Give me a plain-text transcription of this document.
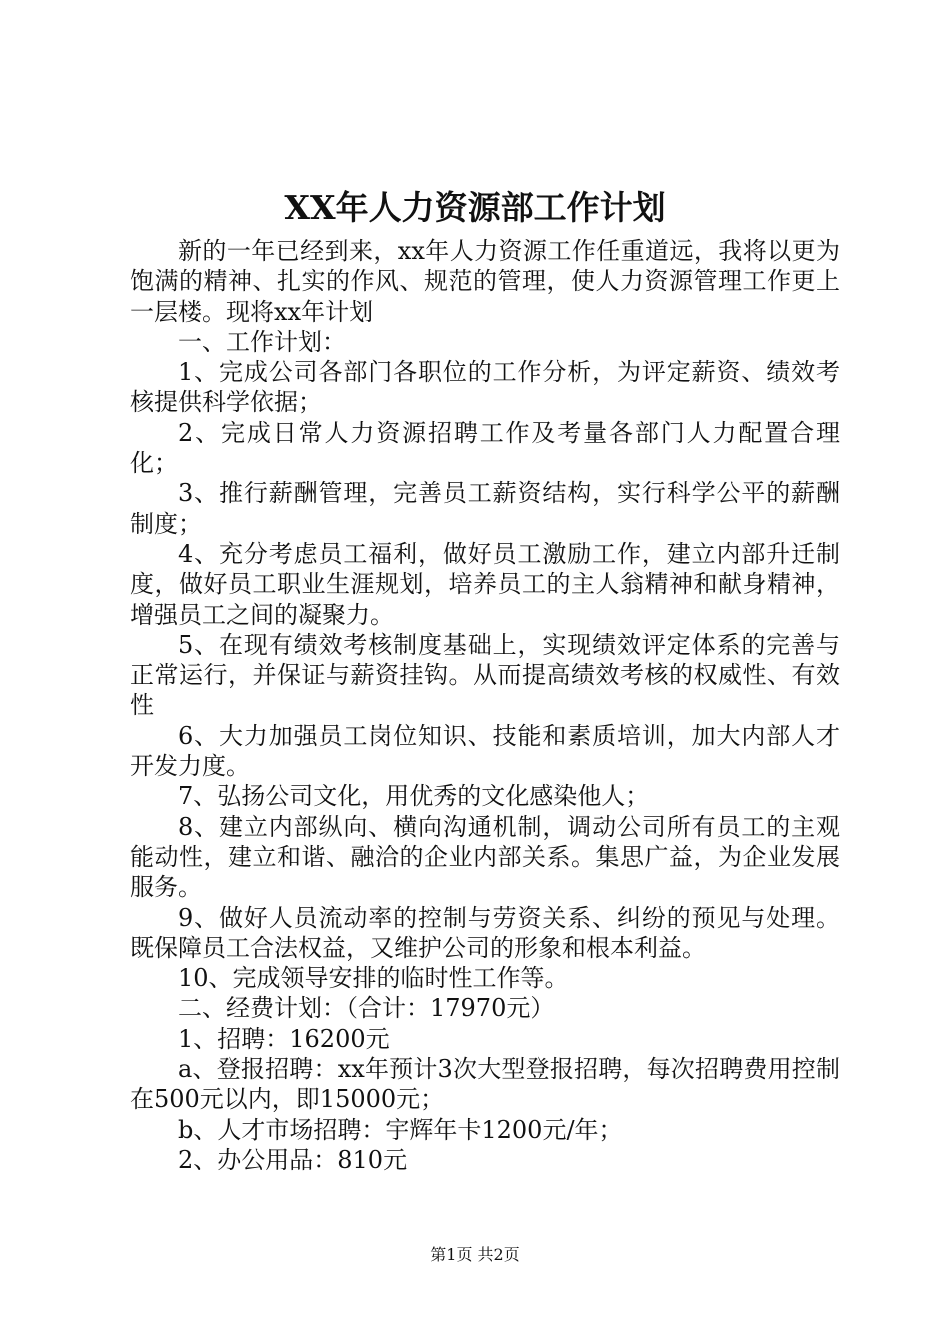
XX年人力资源部工作计划

新的一年已经到来，xx年人力资源工作任重道远，我将以更为饱满的精神、扎实的作风、规范的管理，使人力资源管理工作更上一层楼。现将xx年计划

一、工作计划：

1、完成公司各部门各职位的工作分析，为评定薪资、绩效考核提供科学依据；

2、完成日常人力资源招聘工作及考量各部门人力配置合理化；

3、推行薪酬管理，完善员工薪资结构，实行科学公平的薪酬制度；

4、充分考虑员工福利，做好员工激励工作，建立内部升迁制度，做好员工职业生涯规划，培养员工的主人翁精神和献身精神，增强员工之间的凝聚力。

5、在现有绩效考核制度基础上，实现绩效评定体系的完善与正常运行，并保证与薪资挂钩。从而提高绩效考核的权威性、有效性

6、大力加强员工岗位知识、技能和素质培训，加大内部人才开发力度。

7、弘扬公司文化，用优秀的文化感染他人；

8、建立内部纵向、横向沟通机制，调动公司所有员工的主观能动性，建立和谐、融洽的企业内部关系。集思广益，为企业发展服务。

9、做好人员流动率的控制与劳资关系、纠纷的预见与处理。既保障员工合法权益，又维护公司的形象和根本利益。

10、完成领导安排的临时性工作等。

二、经费计划：（合计：17970元）

1、招聘：16200元

a、登报招聘：xx年预计3次大型登报招聘，每次招聘费用控制在500元以内，即15000元；

b、人才市场招聘：宇辉年卡1200元/年；

2、办公用品：810元

第1页 共2页
